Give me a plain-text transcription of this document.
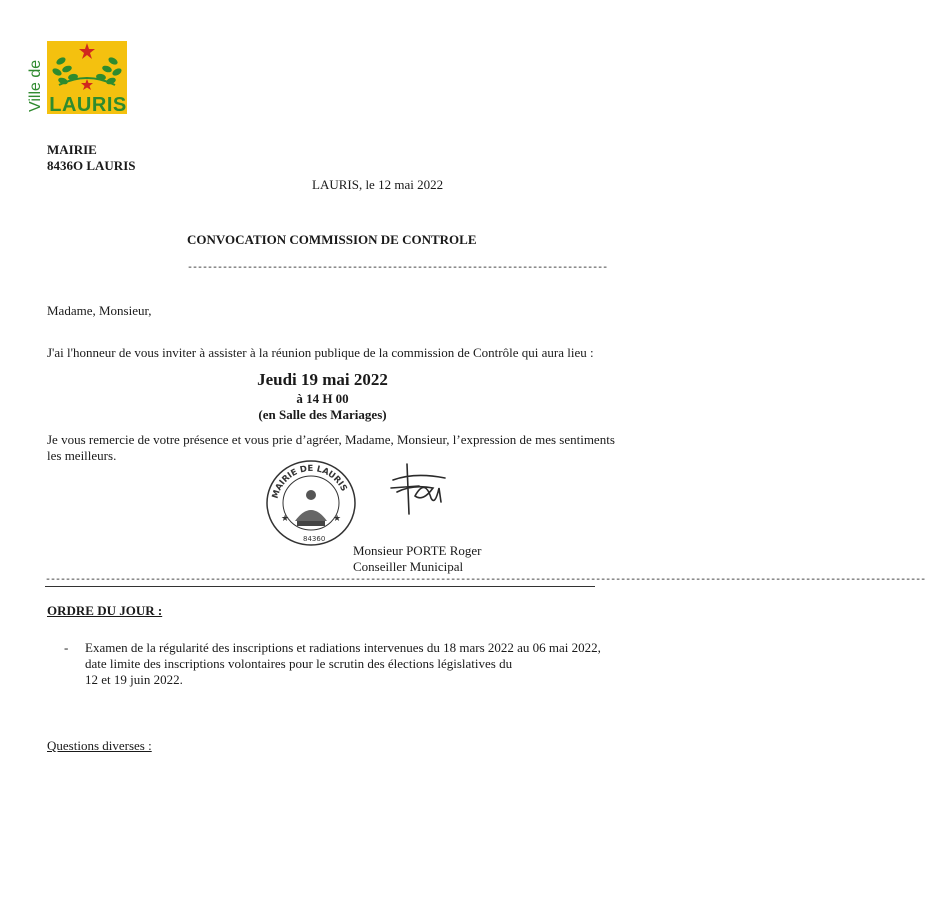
Ville de LAURIS
MAIRIE
8436O LAURIS
LAURIS, le 12 mai 2022
CONVOCATION COMMISSION DE CONTROLE
------------------------------------------------------------------------------------
Madame, Monsieur,
J'ai l'honneur de vous inviter à assister à la réunion publique de la commission de Contrôle qui aura lieu :
Jeudi 19 mai 2022
à 14 H 00
(en Salle des Mariages)
Je vous remercie de votre présence et vous prie d’agréer, Madame, Monsieur, l’expression de mes sentiments
les meilleurs.
MAIRIE DE LAURIS
★	★
84360
Monsieur PORTE Roger
Conseiller Municipal
--------------------------------------------------------------------------------------------------------------------------------------------------------------------------------
ORDRE DU JOUR :
- Examen de la régularité des inscriptions et radiations intervenues du 18 mars 2022 au 06 mai 2022,
date limite des inscriptions volontaires pour le scrutin des élections législatives du
12 et 19 juin 2022.
Questions diverses :
